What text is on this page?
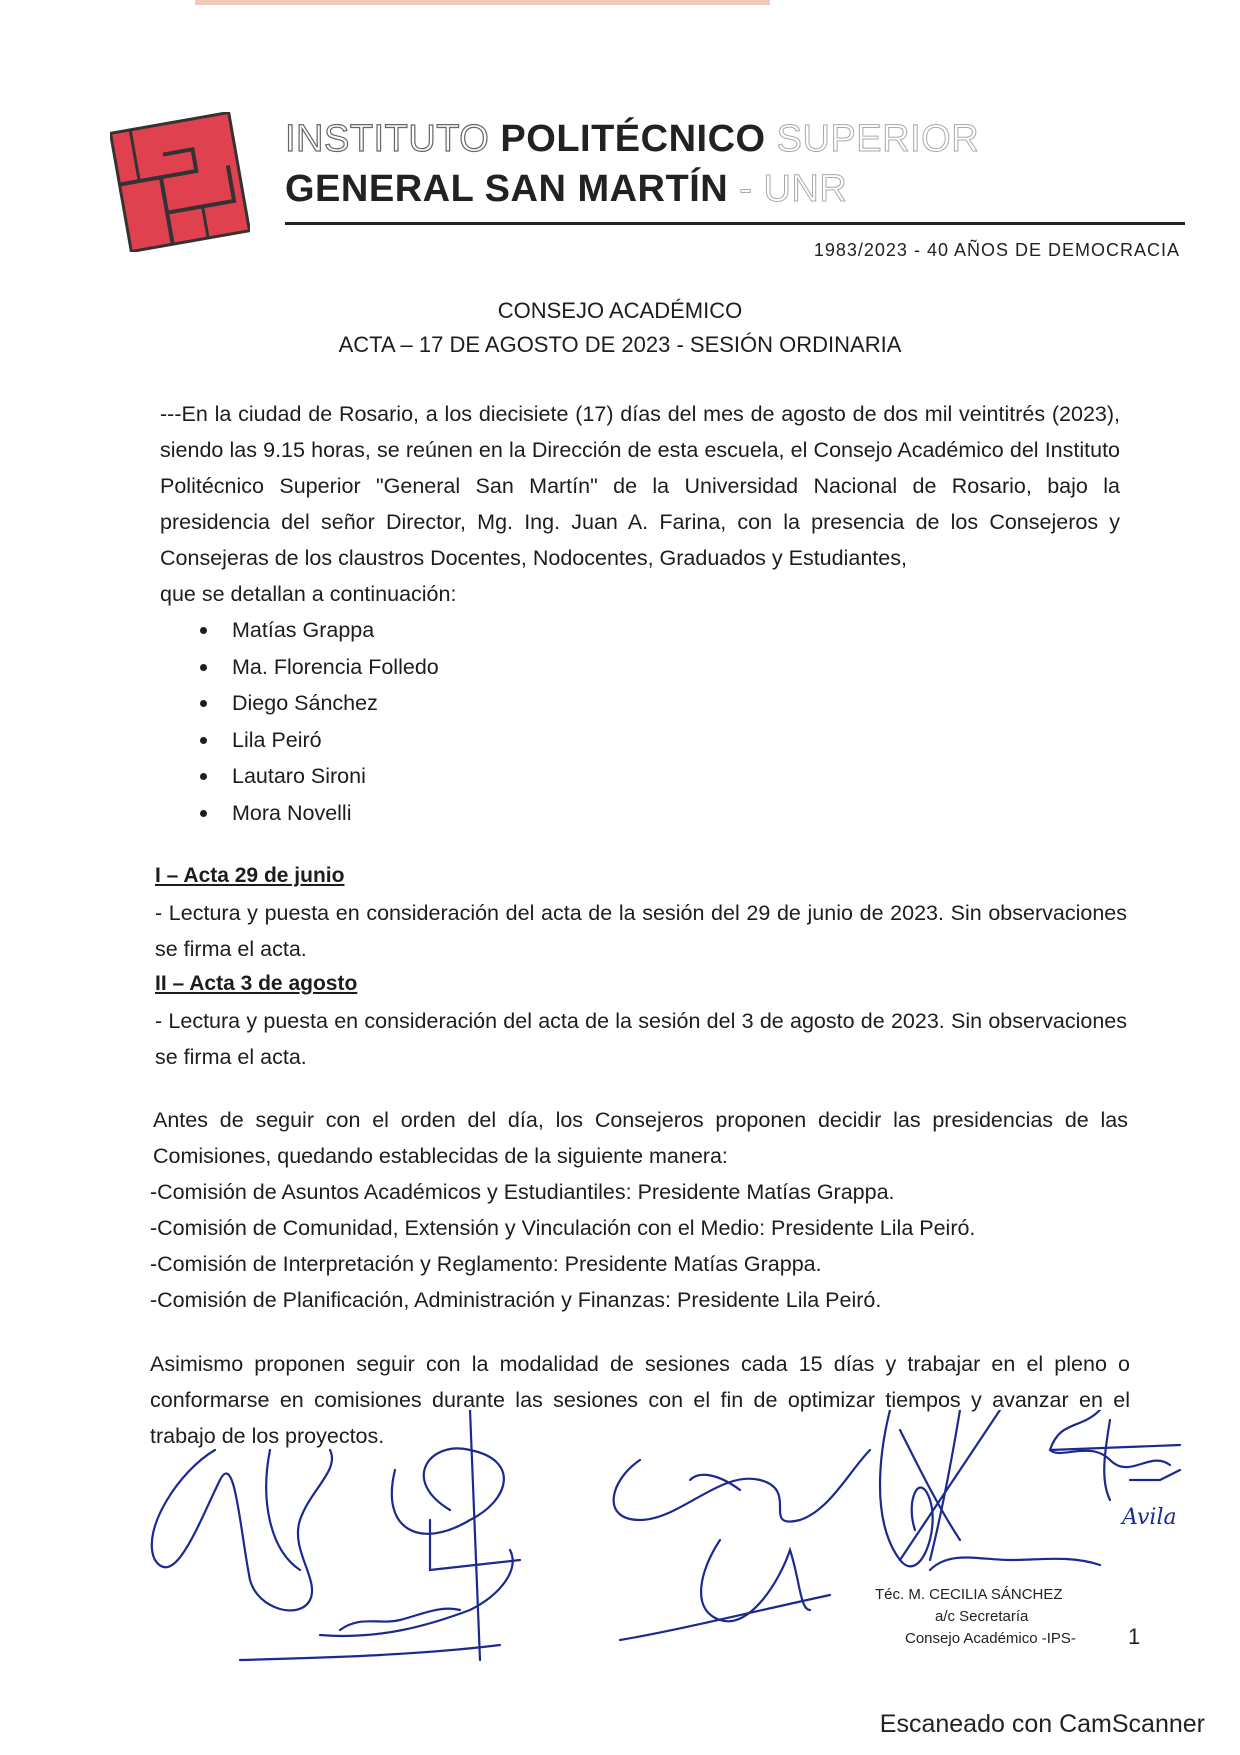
INSTITUTO POLITÉCNICO SUPERIOR
GENERAL SAN MARTÍN - UNR
1983/2023 - 40 AÑOS DE DEMOCRACIA
CONSEJO ACADÉMICO
ACTA – 17 DE AGOSTO DE 2023 - SESIÓN ORDINARIA
---En la ciudad de Rosario, a los diecisiete (17) días del mes de agosto de dos mil veintitrés (2023), siendo las 9.15 horas, se reúnen en la Dirección de esta escuela, el Consejo Académico del Instituto Politécnico Superior "General San Martín" de la Universidad Nacional de Rosario, bajo la presidencia del señor Director, Mg. Ing. Juan A. Farina, con la presencia de los Consejeros y Consejeras de los claustros Docentes, Nodocentes, Graduados y Estudiantes,
que se detallan a continuación:
Matías Grappa
Ma. Florencia Folledo
Diego Sánchez
Lila Peiró
Lautaro Sironi
Mora Novelli
I – Acta 29 de junio
- Lectura y puesta en consideración del acta de la sesión del 29 de junio de 2023. Sin observaciones se firma el acta.
II – Acta 3 de agosto
- Lectura y puesta en consideración del acta de la sesión del 3 de agosto de 2023. Sin observaciones se firma el acta.
Antes de seguir con el orden del día, los Consejeros proponen decidir las presidencias de las Comisiones, quedando establecidas de la siguiente manera:
-Comisión de Asuntos Académicos y Estudiantiles: Presidente Matías Grappa.
-Comisión de Comunidad, Extensión y Vinculación con el Medio: Presidente Lila Peiró.
-Comisión de Interpretación y Reglamento: Presidente Matías Grappa.
-Comisión de Planificación, Administración y Finanzas: Presidente Lila Peiró.
Asimismo proponen seguir con la modalidad de sesiones cada 15 días y trabajar en el pleno o conformarse en comisiones durante las sesiones con el fin de optimizar tiempos y avanzar en el trabajo de los proyectos.
Avila
Téc. M. CECILIA SÁNCHEZ
a/c Secretaría
Consejo Académico -IPS-	1
Escaneado con CamScanner
